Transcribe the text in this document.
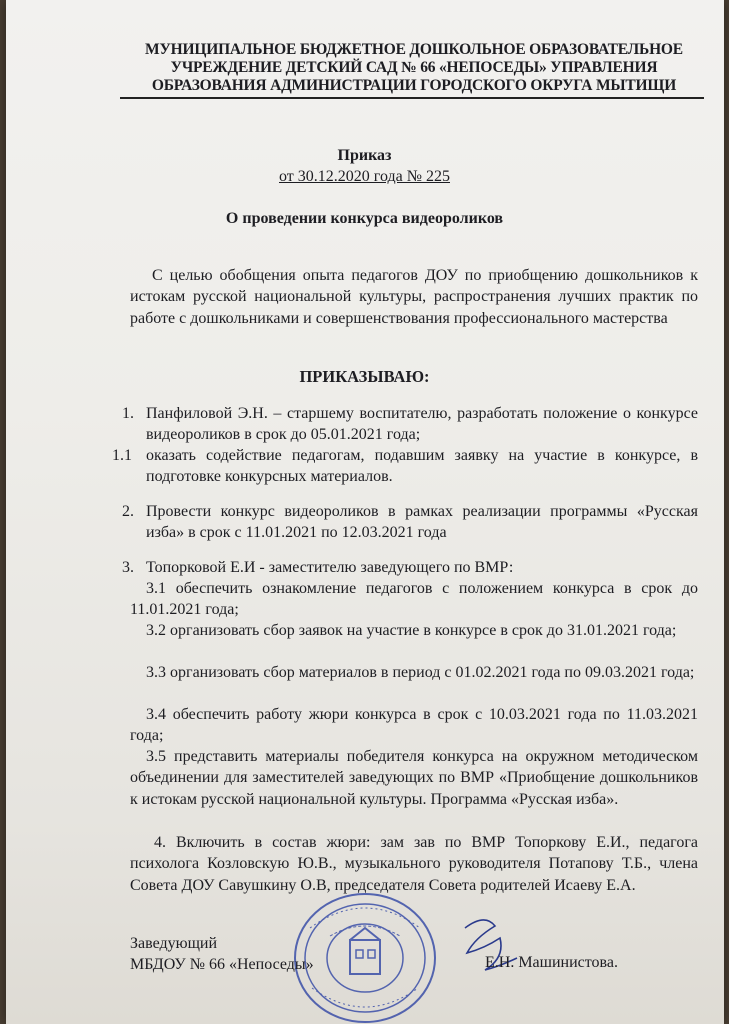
МУНИЦИПАЛЬНОЕ БЮДЖЕТНОЕ ДОШКОЛЬНОЕ ОБРАЗОВАТЕЛЬНОЕ
УЧРЕЖДЕНИЕ ДЕТСКИЙ САД № 66 «НЕПОСЕДЫ» УПРАВЛЕНИЯ
ОБРАЗОВАНИЯ АДМИНИСТРАЦИИ ГОРОДСКОГО ОКРУГА МЫТИЩИ
Приказ
от 30.12.2020 года № 225
О проведении конкурса видеороликов
С целью обобщения опыта педагогов ДОУ по приобщению дошкольников к истокам русской национальной культуры, распространения лучших практик по работе с дошкольниками и совершенствования профессионального мастерства
ПРИКАЗЫВАЮ:
1. Панфиловой Э.Н. – старшему воспитателю, разработать положение о конкурсе видеороликов в срок до 05.01.2021 года;
1.1 оказать содействие педагогам, подавшим заявку на участие в конкурсе, в подготовке конкурсных материалов.
2. Провести конкурс видеороликов в рамках реализации программы «Русская изба» в срок с 11.01.2021 по 12.03.2021 года
3. Топорковой Е.И - заместителю заведующего по ВМР:
3.1 обеспечить ознакомление педагогов с положением конкурса в срок до 11.01.2021 года;
3.2 организовать сбор заявок на участие в конкурсе в срок до 31.01.2021 года;
3.3 организовать сбор материалов в период с 01.02.2021 года по 09.03.2021 года;
3.4 обеспечить работу жюри конкурса в срок с 10.03.2021 года по 11.03.2021 года;
3.5 представить материалы победителя конкурса на окружном методическом объединении для заместителей заведующих по ВМР «Приобщение дошкольников к истокам русской национальной культуры. Программа «Русская изба».
4. Включить в состав жюри: зам зав по ВМР Топоркову Е.И., педагога психолога Козловскую Ю.В., музыкального руководителя Потапову Т.Б., члена Совета ДОУ Савушкину О.В, председателя Совета родителей Исаеву Е.А.
Заведующий
МБДОУ № 66 «Непоседы»	Е.Н. Машинистова.
